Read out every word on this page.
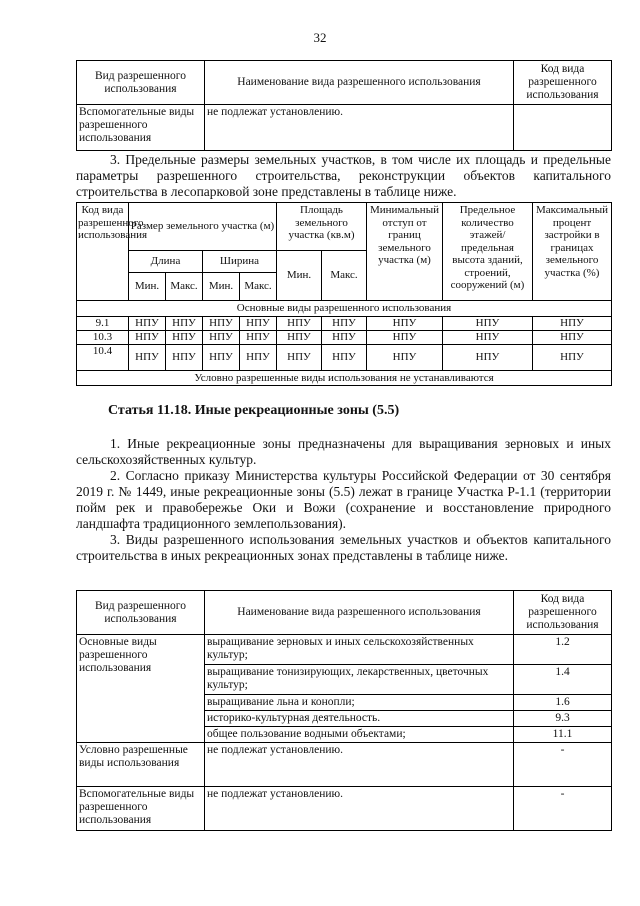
32
Вид разрешенного использования	Наименование вида разрешенного использования	Код вида разрешенного использования
Вспомогательные виды разрешенного использования	не подлежат установлению.	

3. Предельные размеры земельных участков, в том числе их площадь и предельные параметры разрешенного строительства, реконструкции объектов капитального строительства в лесопарковой зоне представлены в таблице ниже.

Код вида разрешенного использования	Размер земельного участка (м)				Площадь земельного участка (кв.м)		Минимальный отступ от границ земельного участка (м)	Предельное количество этажей/ предельная высота зданий, строений, сооружений (м)	Максимальный процент застройки в границах земельного участка (%)
	Длина		Ширина		Мин.	Макс.			
	Мин.	Макс.	Мин.	Макс.					
Основные виды разрешенного использования									
9.1	НПУ	НПУ	НПУ	НПУ	НПУ	НПУ	НПУ	НПУ	НПУ
10.3	НПУ	НПУ	НПУ	НПУ	НПУ	НПУ	НПУ	НПУ	НПУ
10.4	НПУ	НПУ	НПУ	НПУ	НПУ	НПУ	НПУ	НПУ	НПУ
Условно разрешенные виды использования не устанавливаются									
Статья 11.18. Иные рекреационные зоны (5.5)

1. Иные рекреационные зоны предназначены для выращивания зерновых и иных сельскохозяйственных культур.

2. Согласно приказу Министерства культуры Российской Федерации от 30 сентября 2019 г. № 1449, иные рекреационные зоны (5.5) лежат в границе Участка Р-1.1 (территории пойм рек и правобережье Оки и Вожи (сохранение и восстановление природного ландшафта традиционного землепользования).

3. Виды разрешенного использования земельных участков и объектов капитального строительства в иных рекреационных зонах представлены в таблице ниже.

Вид разрешенного использования	Наименование вида разрешенного использования	Код вида разрешенного использования
Основные виды разрешенного использования	выращивание зерновых и иных сельскохозяйственных культур;	1.2
	выращивание тонизирующих, лекарственных, цветочных культур;	1.4
	выращивание льна и конопли;	1.6
	историко-культурная деятельность.	9.3
	общее пользование водными объектами;	11.1
Условно разрешенные виды использования	не подлежат установлению.	-
Вспомогательные виды разрешенного использования	не подлежат установлению.	-
